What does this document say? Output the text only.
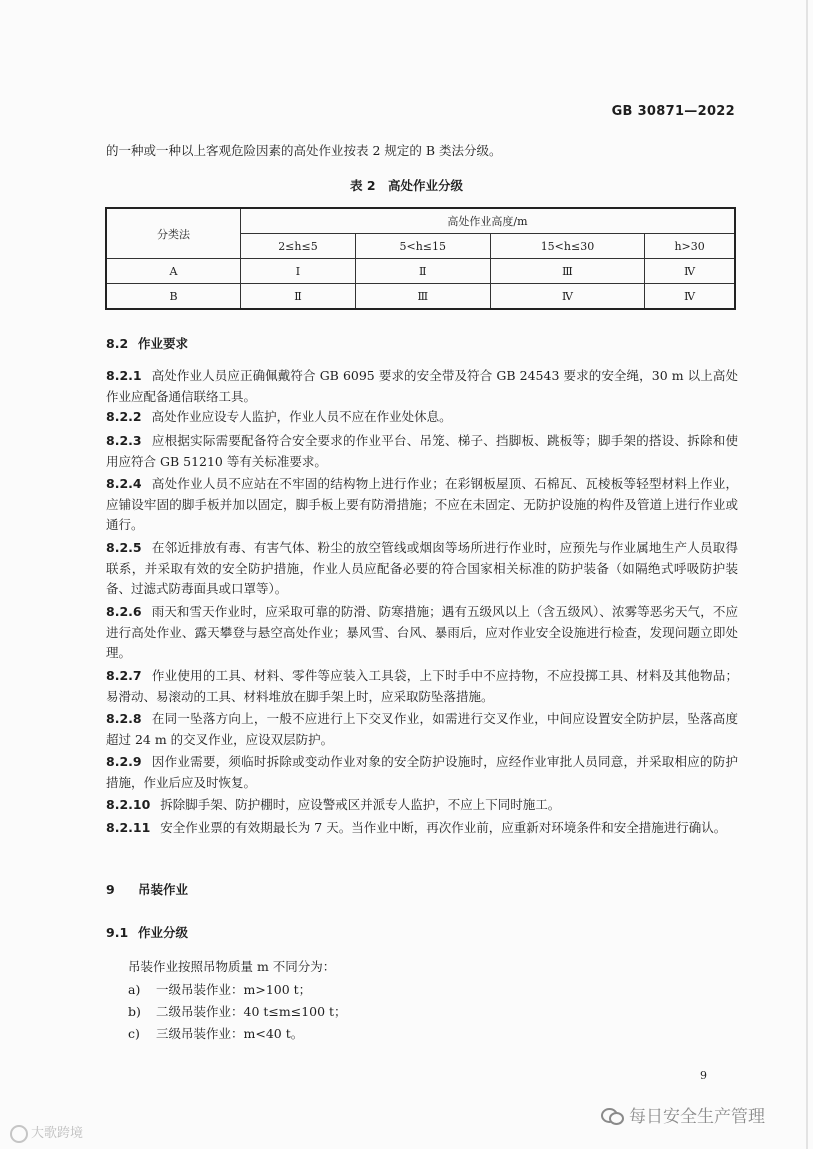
GB 30871—2022
的一种或一种以上客观危险因素的高处作业按表 2 规定的 B 类法分级。
表 2　高处作业分级
分类法	高处作业高度/m			
	2≤h≤5	5<h≤15	15<h≤30	h>30
A	Ⅰ	Ⅱ	Ⅲ	Ⅳ
B	Ⅱ	Ⅲ	Ⅳ	Ⅳ
8.2 作业要求
8.2.1 高处作业人员应正确佩戴符合 GB 6095 要求的安全带及符合 GB 24543 要求的安全绳，30 m 以上高处作业应配备通信联络工具。
8.2.2 高处作业应设专人监护，作业人员不应在作业处休息。
8.2.3 应根据实际需要配备符合安全要求的作业平台、吊笼、梯子、挡脚板、跳板等；脚手架的搭设、拆除和使用应符合 GB 51210 等有关标准要求。
8.2.4 高处作业人员不应站在不牢固的结构物上进行作业；在彩钢板屋顶、石棉瓦、瓦棱板等轻型材料上作业，应铺设牢固的脚手板并加以固定，脚手板上要有防滑措施；不应在未固定、无防护设施的构件及管道上进行作业或通行。
8.2.5 在邻近排放有毒、有害气体、粉尘的放空管线或烟囱等场所进行作业时，应预先与作业属地生产人员取得联系，并采取有效的安全防护措施，作业人员应配备必要的符合国家相关标准的防护装备（如隔绝式呼吸防护装备、过滤式防毒面具或口罩等）。
8.2.6 雨天和雪天作业时，应采取可靠的防滑、防寒措施；遇有五级风以上（含五级风）、浓雾等恶劣天气，不应进行高处作业、露天攀登与悬空高处作业；暴风雪、台风、暴雨后，应对作业安全设施进行检查，发现问题立即处理。
8.2.7 作业使用的工具、材料、零件等应装入工具袋，上下时手中不应持物，不应投掷工具、材料及其他物品；易滑动、易滚动的工具、材料堆放在脚手架上时，应采取防坠落措施。
8.2.8 在同一坠落方向上，一般不应进行上下交叉作业，如需进行交叉作业，中间应设置安全防护层，坠落高度超过 24 m 的交叉作业，应设双层防护。
8.2.9 因作业需要，须临时拆除或变动作业对象的安全防护设施时，应经作业审批人员同意，并采取相应的防护措施，作业后应及时恢复。
8.2.10 拆除脚手架、防护棚时，应设警戒区并派专人监护，不应上下同时施工。
8.2.11 安全作业票的有效期最长为 7 天。当作业中断，再次作业前，应重新对环境条件和安全措施进行确认。
9 吊装作业
9.1 作业分级
吊装作业按照吊物质量 m 不同分为：
a) 一级吊装作业：m>100 t；
b) 二级吊装作业：40 t≤m≤100 t；
c) 三级吊装作业：m<40 t。
9
大歌跨境
每日安全生产管理
